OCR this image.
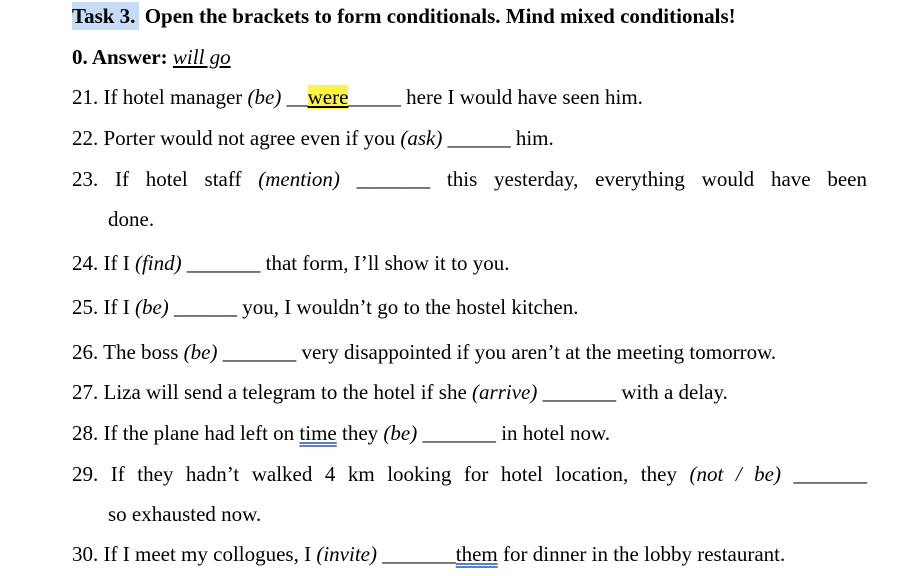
Task 3. Open the brackets to form conditionals. Mind mixed conditionals!
0. Answer: will go
21. If hotel manager (be) __were_____ here I would have seen him.
22. Porter would not agree even if you (ask) ______ him.
23. If hotel staff (mention) _______ this yesterday, everything would have been
done.
24. If I (find) _______ that form, I’ll show it to you.
25. If I (be) ______ you, I wouldn’t go to the hostel kitchen.
26. The boss (be) _______ very disappointed if you aren’t at the meeting tomorrow.
27. Liza will send a telegram to the hotel if she (arrive) _______ with a delay.
28. If the plane had left on time they (be) _______ in hotel now.
29. If they hadn’t walked 4 km looking for hotel location, they (not / be) _______
so exhausted now.
30. If I meet my collogues, I (invite) _______them for dinner in the lobby restaurant.
